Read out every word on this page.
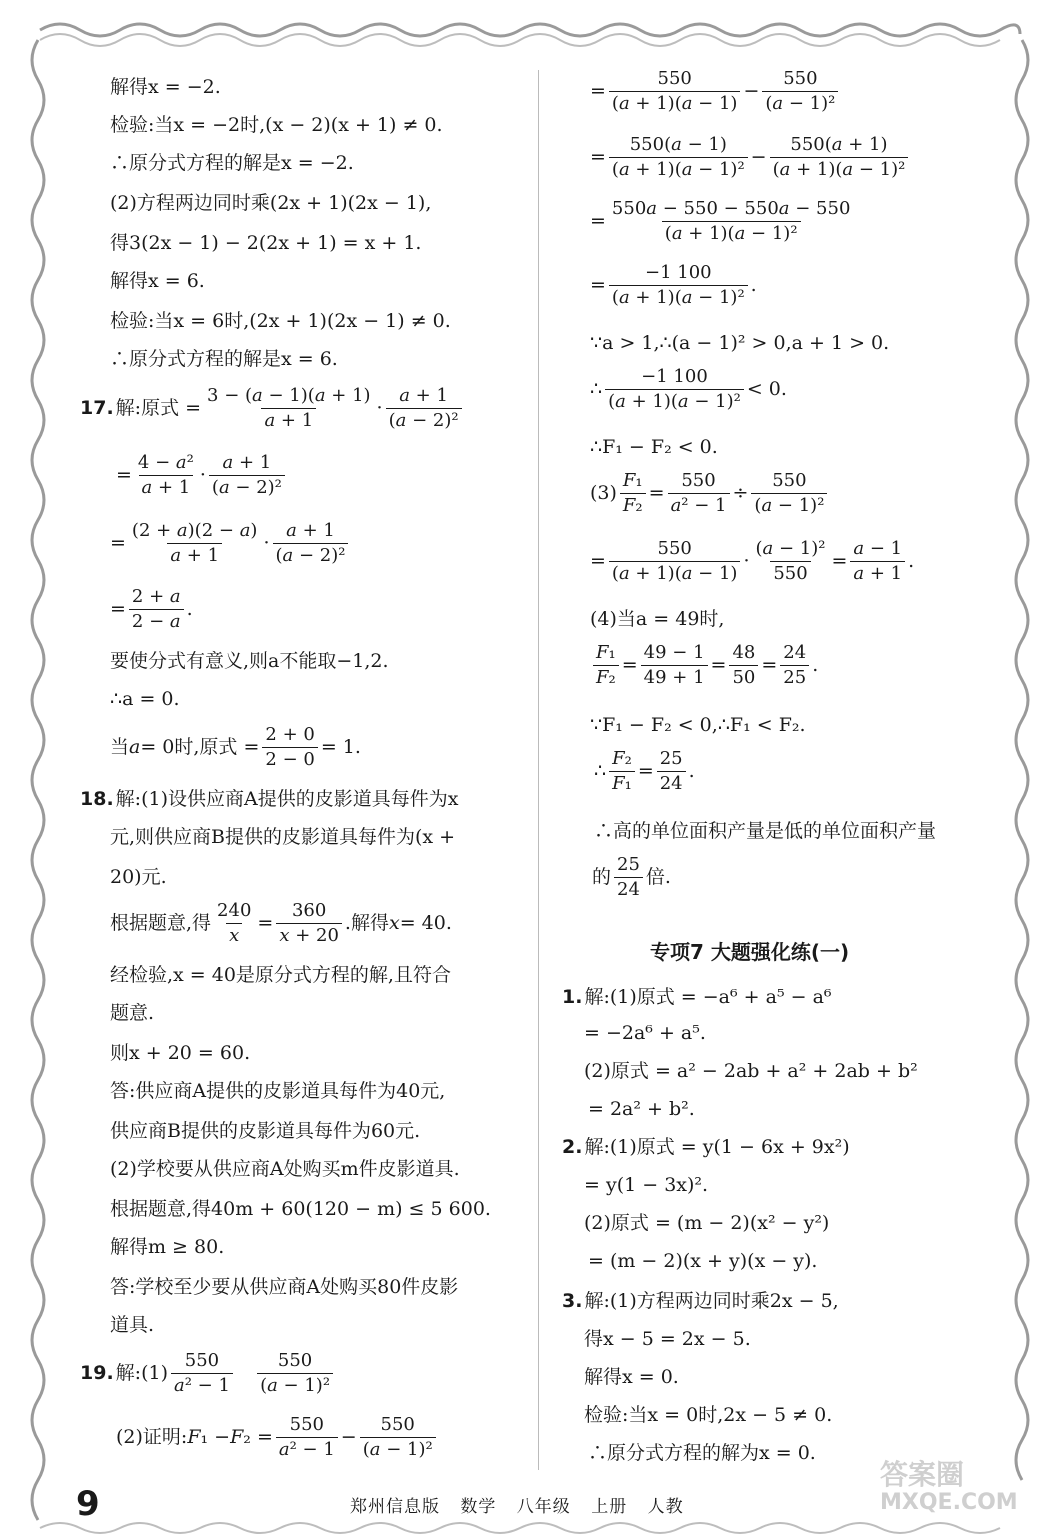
解得x = −2.
检验:当x = −2时,(x − 2)(x + 1) ≠ 0.
∴原分式方程的解是x = −2.
(2)方程两边同时乘(2x + 1)(2x − 1),
得3(2x − 1) − 2(2x + 1) = x + 1.
解得x = 6.
检验:当x = 6时,(2x + 1)(2x − 1) ≠ 0.
∴原分式方程的解是x = 6.
17. 解:原式 = $\frac{3 - (a - 1)(a + 1)}{a + 1}$ ·
a + 1
(a − 2)²
=
4 − a²
a + 1
·
a + 1
(a − 2)²
=
(2 + a)(2 − a)
a + 1
·
a + 1
(a − 2)²
=
2 + a
2 − a
.
要使分式有意义,则a不能取−1,2.
∴a = 0.
当 a = 0时,原式 =
2 + 0
2 − 0
= 1.
18. 解:(1)设供应商A提供的皮影道具每件为x
元,则供应商B提供的皮影道具每件为(x +
20)元.
根据题意,得
240
x
=
360
x + 20
.解得 x = 40.
经检验,x = 40是原分式方程的解,且符合
题意.
则x + 20 = 60.
答:供应商A提供的皮影道具每件为40元,
供应商B提供的皮影道具每件为60元.
(2)学校要从供应商A处购买m件皮影道具.
根据题意,得40m + 60(120 − m) ≤ 5 600.
解得m ≥ 80.
答:学校至少要从供应商A处购买80件皮影
道具.
19. 解:(1)
550
a² − 1

550
(a − 1)²
(2)证明: F ₁ − F ₂ =
550
a² − 1
−
550
(a − 1)²
=
550
(a + 1)(a − 1)
−
550
(a − 1)²
=
550(a − 1)
(a + 1)(a − 1)²
−
550(a + 1)
(a + 1)(a − 1)²
=
550a − 550 − 550a − 550
(a + 1)(a − 1)²
=
−1 100
(a + 1)(a − 1)²
.
∵a > 1,∴(a − 1)² > 0,a + 1 > 0.
∴
−1 100
(a + 1)(a − 1)²
< 0.
∴F₁ − F₂ < 0.
(3)
F₁
F₂
=
550
a² − 1
÷
550
(a − 1)²
=
550
(a + 1)(a − 1)
·
(a − 1)²
550
=
a − 1
a + 1
.
(4)当a = 49时,
F₁
F₂
=
49 − 1
49 + 1
=
48
50
=
24
25
.
∵F₁ − F₂ < 0,∴F₁ < F₂.
∴
F₂
F₁
=
25
24
.
∴高的单位面积产量是低的单位面积产量
的
25
24
倍.
专项7 大题强化练(一)
1. 解:(1)原式 = −a⁶ + a⁵ − a⁶
= −2a⁶ + a⁵.
(2)原式 = a² − 2ab + a² + 2ab + b²
= 2a² + b².
2. 解:(1)原式 = y(1 − 6x + 9x²)
= y(1 − 3x)².
(2)原式 = (m − 2)(x² − y²)
= (m − 2)(x + y)(x − y).
3. 解:(1)方程两边同时乘2x − 5,
得x − 5 = 2x − 5.
解得x = 0.
检验:当x = 0时,2x − 5 ≠ 0.
∴原分式方程的解为x = 0.
9	郑州信息版 数学 八年级 上册 人教
答案圈
MXQE.COM
